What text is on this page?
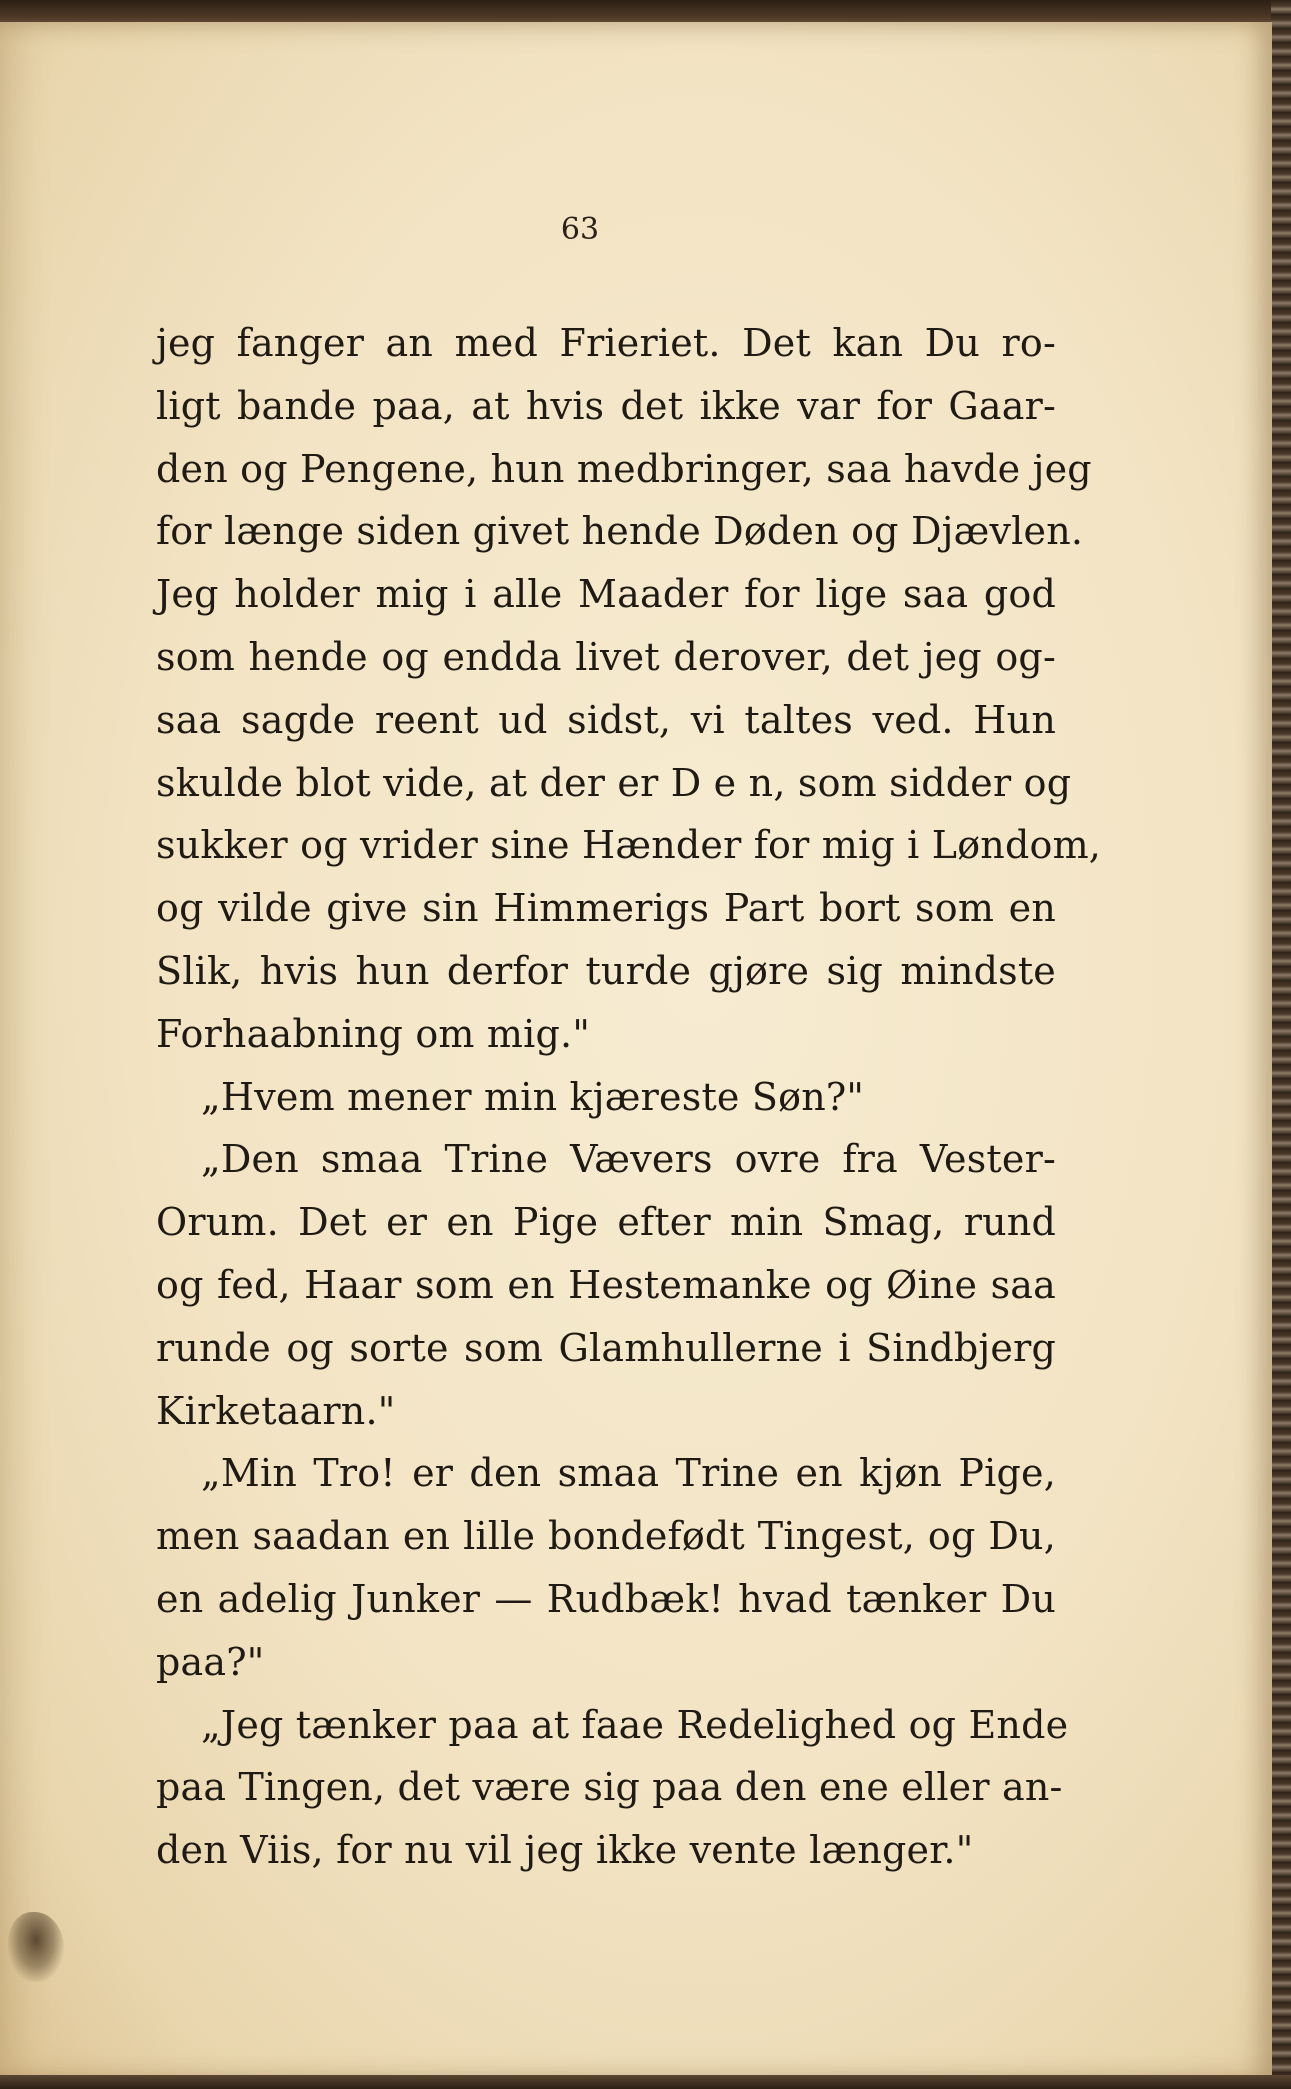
63
jeg fanger an med Frieriet. Det kan Du ro-
ligt bande paa, at hvis det ikke var for Gaar-
den og Pengene, hun medbringer, saa havde jeg
for længe siden givet hende Døden og Djævlen.
Jeg holder mig i alle Maader for lige saa god
som hende og endda livet derover, det jeg og-
saa sagde reent ud sidst, vi taltes ved. Hun
skulde blot vide, at der er D e n, som sidder og
sukker og vrider sine Hænder for mig i Løndom,
og vilde give sin Himmerigs Part bort som en
Slik, hvis hun derfor turde gjøre sig mindste
Forhaabning om mig."
„Hvem mener min kjæreste Søn?"
„Den smaa Trine Vævers ovre fra Vester-
Orum. Det er en Pige efter min Smag, rund
og fed, Haar som en Hestemanke og Øine saa
runde og sorte som Glamhullerne i Sindbjerg
Kirketaarn."
„Min Tro! er den smaa Trine en kjøn Pige,
men saadan en lille bondefødt Tingest, og Du,
en adelig Junker — Rudbæk! hvad tænker Du
paa?"
„Jeg tænker paa at faae Redelighed og Ende
paa Tingen, det være sig paa den ene eller an-
den Viis, for nu vil jeg ikke vente længer."
